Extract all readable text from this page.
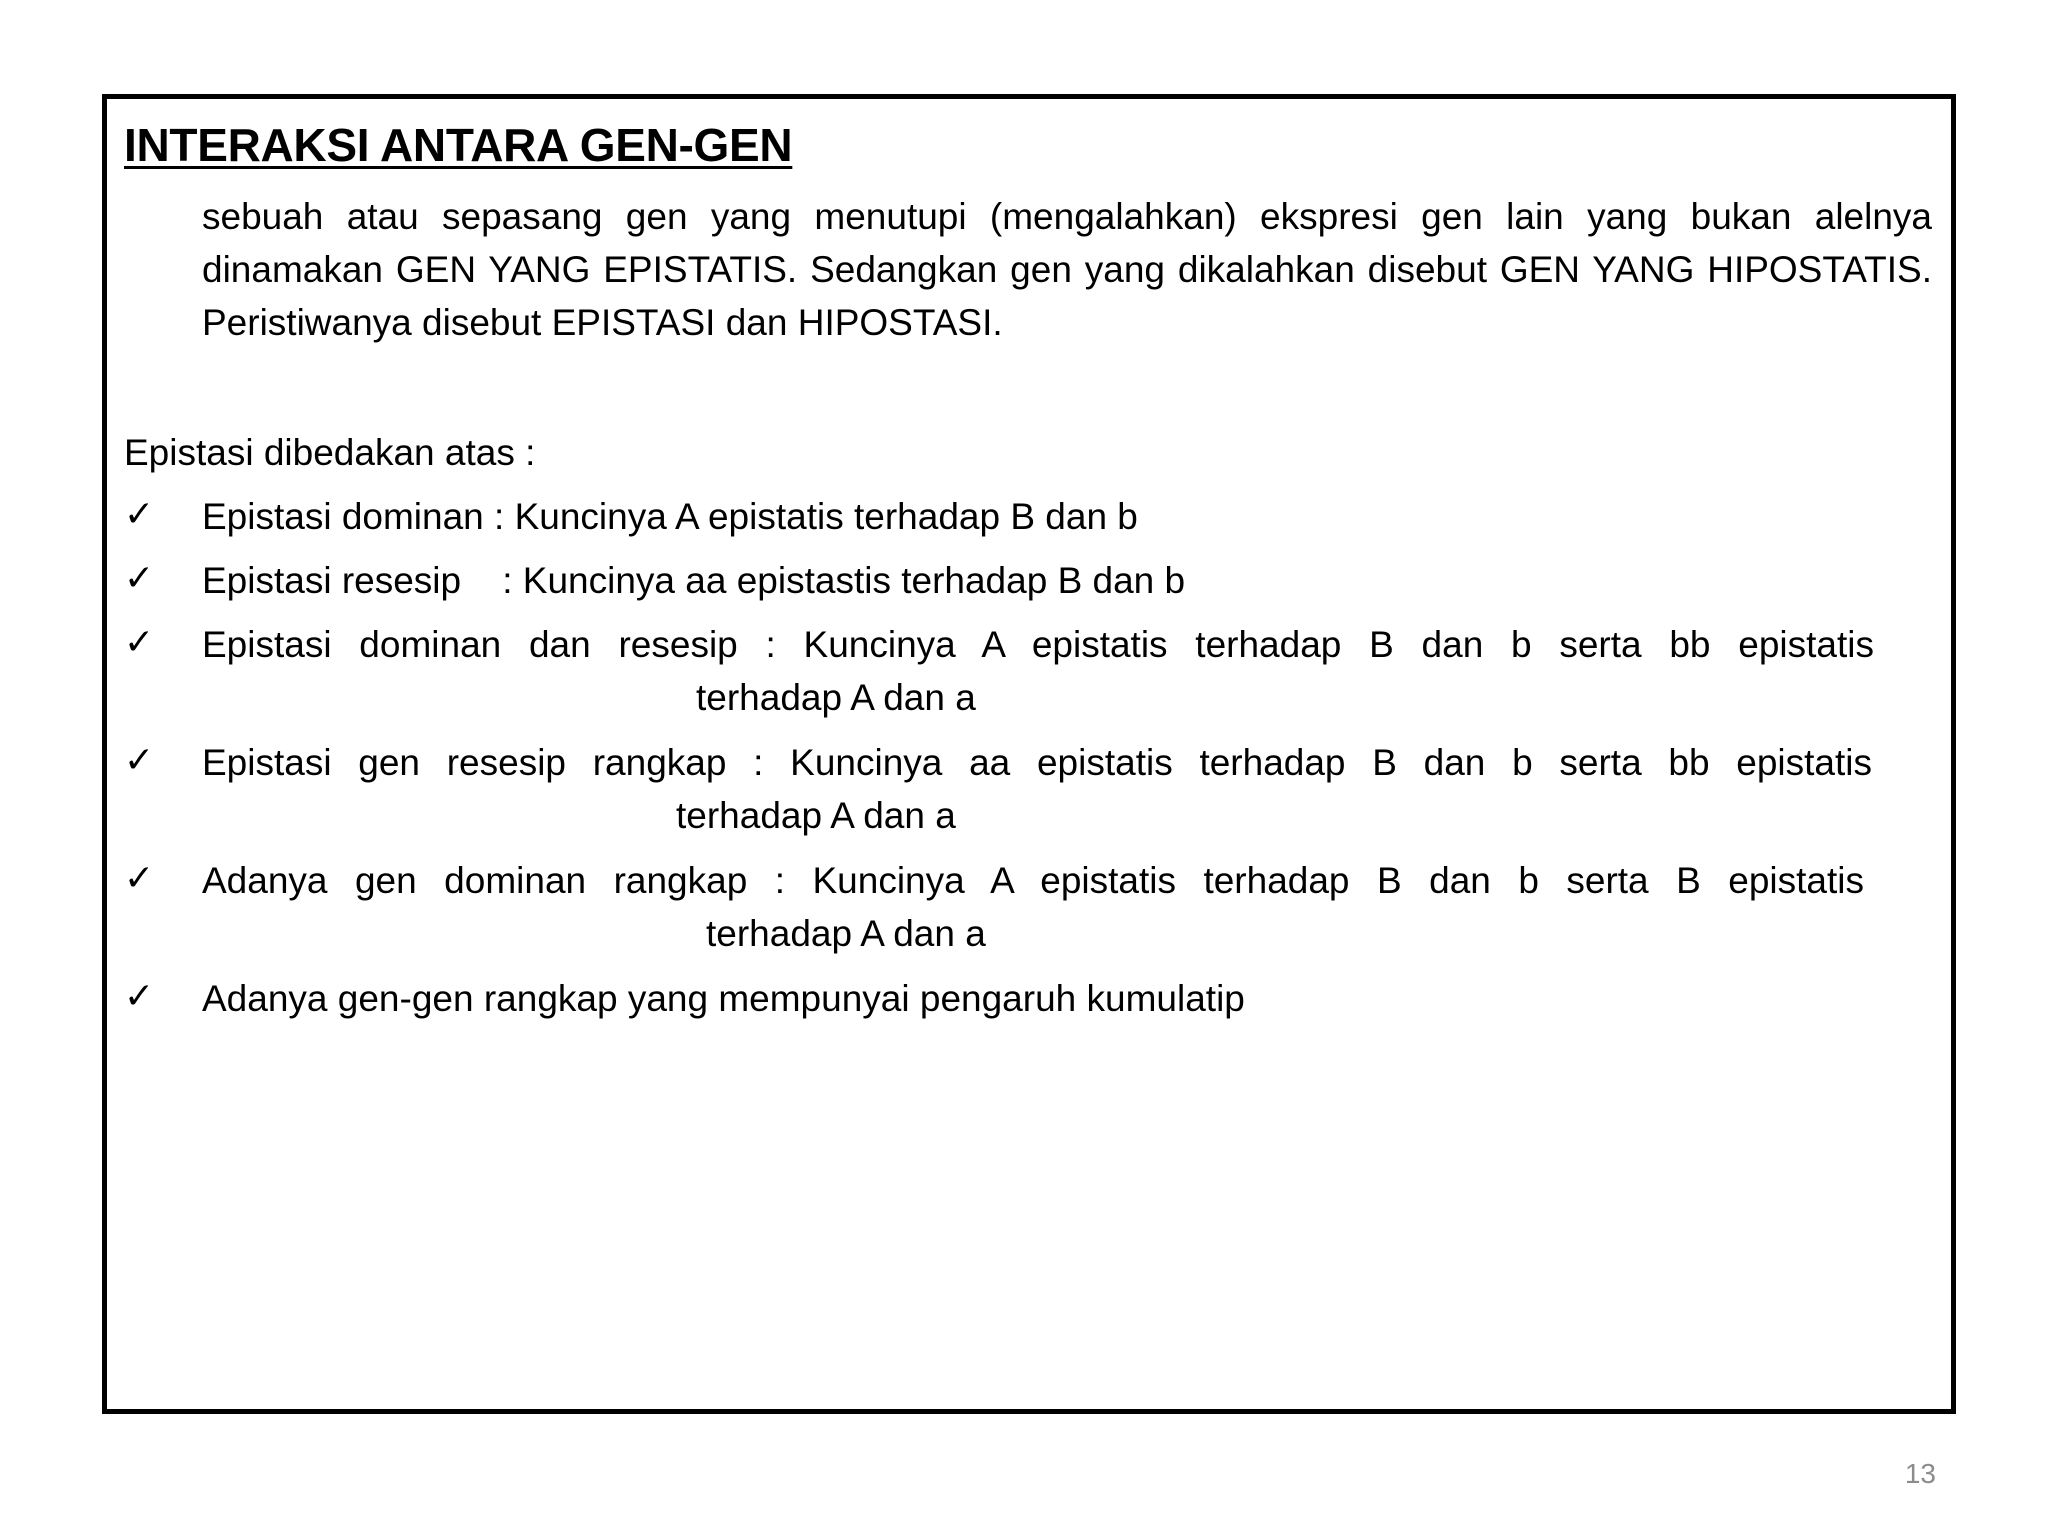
INTERAKSI ANTARA GEN-GEN

sebuah atau sepasang gen yang menutupi (mengalahkan) ekspresi gen lain yang bukan alelnya dinamakan GEN YANG EPISTATIS. Sedangkan gen yang dikalahkan disebut GEN YANG HIPOSTATIS. Peristiwanya disebut EPISTASI dan HIPOSTASI.

Epistasi dibedakan atas :

✓ Epistasi dominan : Kuncinya A epistatis terhadap B dan b

✓ Epistasi resesip    : Kuncinya aa epistastis terhadap B dan b

✓ Epistasi dominan dan resesip : Kuncinya A epistatis terhadap B dan b serta bb epistatis
terhadap A dan a

✓ Epistasi gen resesip rangkap : Kuncinya aa epistatis terhadap B dan b serta bb epistatis
terhadap A dan a

✓ Adanya gen dominan rangkap : Kuncinya A epistatis terhadap B dan b serta B epistatis
terhadap A dan a

✓ Adanya gen-gen rangkap yang mempunyai pengaruh kumulatip

13
